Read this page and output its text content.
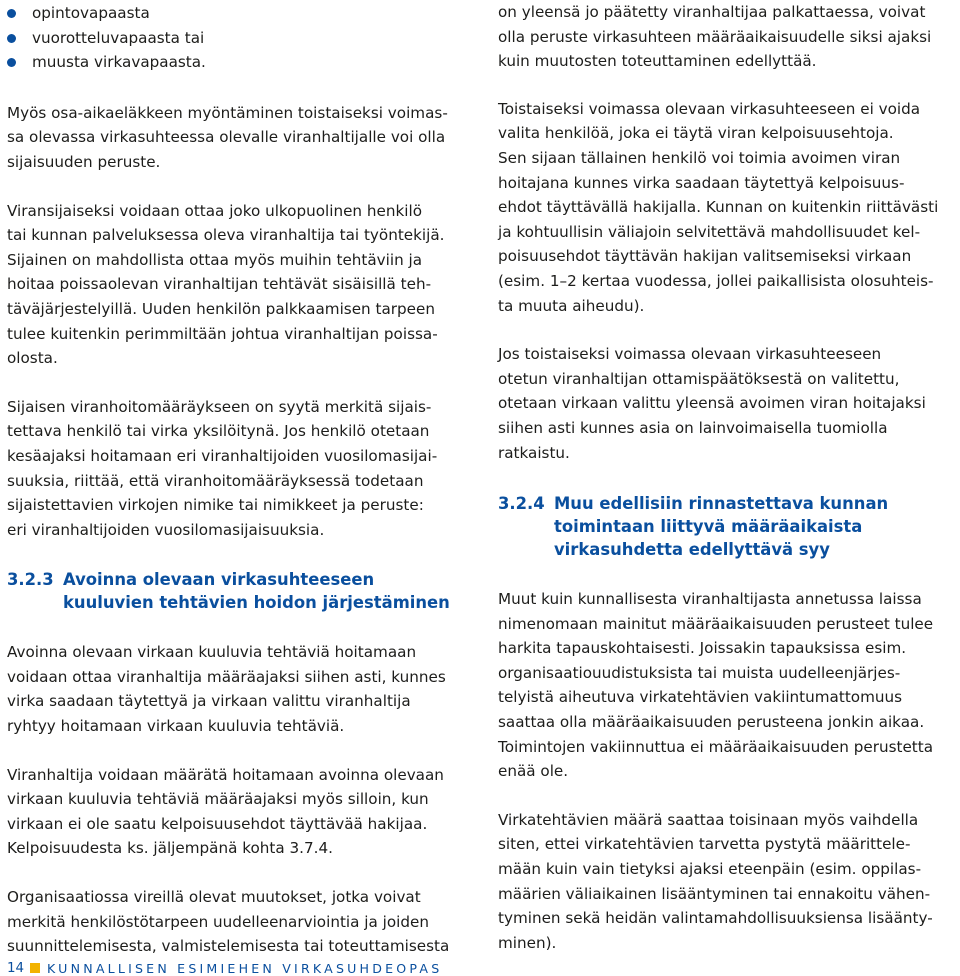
opintovapaasta
vuorotteluvapaasta tai
muusta virkavapaasta.

Myös osa-aikaeläkkeen myöntäminen toistaiseksi voimas-
sa olevassa virkasuhteessa olevalle viranhaltijalle voi olla
sijaisuuden peruste.

Viransijaiseksi voidaan ottaa joko ulkopuolinen henkilö
tai kunnan palveluksessa oleva viranhaltija tai työntekijä.
Sijainen on mahdollista ottaa myös muihin tehtäviin ja
hoitaa poissaolevan viranhaltijan tehtävät sisäisillä teh-
täväjärjestelyillä. Uuden henkilön palkkaamisen tarpeen
tulee kuitenkin perimmiltään johtua viranhaltijan poissa-
olosta.

Sijaisen viranhoitomääräykseen on syytä merkitä sijais-
tettava henkilö tai virka yksilöitynä. Jos henkilö otetaan
kesäajaksi hoitamaan eri viranhaltijoiden vuosilomasijai-
suuksia, riittää, että viranhoitomääräyksessä todetaan
sijaistettavien virkojen nimike tai nimikkeet ja peruste:
eri viranhaltijoiden vuosilomasijaisuuksia.

3.2.3 Avoinna olevaan virkasuhteeseen
kuuluvien tehtävien hoidon järjestäminen

Avoinna olevaan virkaan kuuluvia tehtäviä hoitamaan
voidaan ottaa viranhaltija määräajaksi siihen asti, kunnes
virka saadaan täytettyä ja virkaan valittu viranhaltija
ryhtyy hoitamaan virkaan kuuluvia tehtäviä.

Viranhaltija voidaan määrätä hoitamaan avoinna olevaan
virkaan kuuluvia tehtäviä määräajaksi myös silloin, kun
virkaan ei ole saatu kelpoisuusehdot täyttävää hakijaa.
Kelpoisuudesta ks. jäljempänä kohta 3.7.4.

Organisaatiossa vireillä olevat muutokset, jotka voivat
merkitä henkilöstötarpeen uudelleenarviointia ja joiden
suunnittelemisesta, valmistelemisesta tai toteuttamisesta

on yleensä jo päätetty viranhaltijaa palkattaessa, voivat
olla peruste virkasuhteen määräaikaisuudelle siksi ajaksi
kuin muutosten toteuttaminen edellyttää.

Toistaiseksi voimassa olevaan virkasuhteeseen ei voida
valita henkilöä, joka ei täytä viran kelpoisuusehtoja.
Sen sijaan tällainen henkilö voi toimia avoimen viran
hoitajana kunnes virka saadaan täytettyä kelpoisuus-
ehdot täyttävällä hakijalla. Kunnan on kuitenkin riittävästi
ja kohtuullisin väliajoin selvitettävä mahdollisuudet kel-
poisuusehdot täyttävän hakijan valitsemiseksi virkaan
(esim. 1–2 kertaa vuodessa, jollei paikallisista olosuhteis-
ta muuta aiheudu).

Jos toistaiseksi voimassa olevaan virkasuhteeseen
otetun viranhaltijan ottamispäätöksestä on valitettu,
otetaan virkaan valittu yleensä avoimen viran hoitajaksi
siihen asti kunnes asia on lainvoimaisella tuomiolla
ratkaistu.

3.2.4 Muu edellisiin rinnastettava kunnan
toimintaan liittyvä määräaikaista
virkasuhdetta edellyttävä syy

Muut kuin kunnallisesta viranhaltijasta annetussa laissa
nimenomaan mainitut määräaikaisuuden perusteet tulee
harkita tapauskohtaisesti. Joissakin tapauksissa esim.
organisaatiouudistuksista tai muista uudelleenjärjes-
telyistä aiheutuva virkatehtävien vakiintumattomuus
saattaa olla määräaikaisuuden perusteena jonkin aikaa.
Toimintojen vakiinnuttua ei määräaikaisuuden perustetta
enää ole.

Virkatehtävien määrä saattaa toisinaan myös vaihdella
siten, ettei virkatehtävien tarvetta pystytä määrittele-
mään kuin vain tietyksi ajaksi eteenpäin (esim. oppilas-
määrien väliaikainen lisääntyminen tai ennakoitu vähen-
tyminen sekä heidän valintamahdollisuuksiensa lisäänty-
minen).

14 KUNNALLISEN ESIMIEHEN VIRKASUHDEOPAS
